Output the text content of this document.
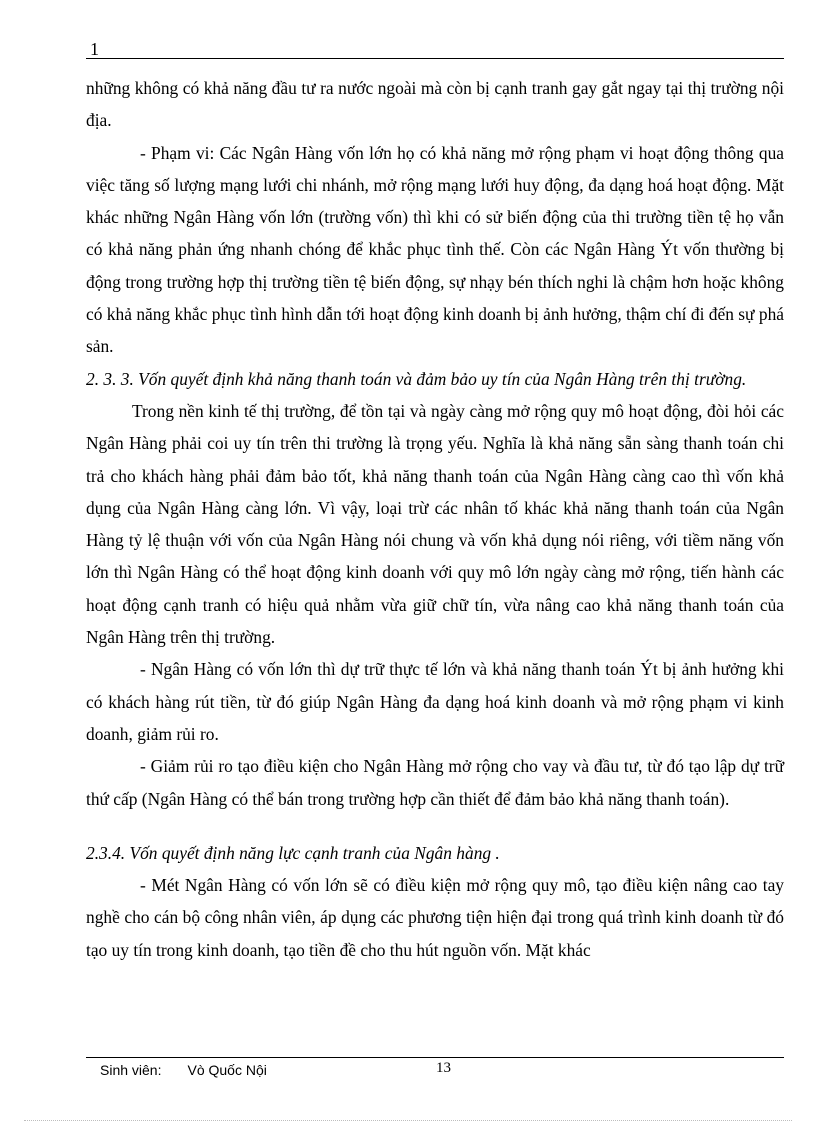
1

những không có khả năng đầu tư ra nước ngoài mà còn bị cạnh tranh gay gắt ngay tại thị trường nội địa.

- Phạm vi: Các Ngân Hàng vốn lớn họ có khả năng mở rộng phạm vi hoạt động thông qua việc tăng số lượng mạng lưới chi nhánh, mở rộng mạng lưới huy động, đa dạng hoá hoạt động. Mặt khác những Ngân Hàng vốn lớn (trường vốn) thì khi có sử biến động của thi trường tiền tệ họ vẫn có khả năng phản ứng nhanh chóng để khắc phục tình thế. Còn các Ngân Hàng Ýt vốn thường bị động trong trường hợp thị trường tiền tệ biến động, sự nhạy bén thích nghi là chậm hơn hoặc không có khả năng khắc phục tình hình dẫn tới hoạt động kinh doanh bị ảnh hưởng, thậm chí đi đến sự phá sản.

2. 3. 3. Vốn quyết định khả năng thanh toán và đảm bảo uy tín của Ngân Hàng trên thị trường.

Trong nền kinh tế thị trường, để tồn tại và ngày càng mở rộng quy mô hoạt động, đòi hỏi các Ngân Hàng phải coi uy tín trên thi trường là trọng yếu. Nghĩa là khả năng sẵn sàng thanh toán chi trả cho khách hàng phải đảm bảo tốt, khả năng thanh toán của Ngân Hàng càng cao thì vốn khả dụng của Ngân Hàng càng lớn. Vì vậy, loại trừ các nhân tố khác khả năng thanh toán của Ngân Hàng tỷ lệ thuận với vốn của Ngân Hàng nói chung và vốn khả dụng nói riêng, với tiềm năng vốn lớn thì Ngân Hàng có thể hoạt động kinh doanh với quy mô lớn ngày càng mở rộng, tiến hành các hoạt động cạnh tranh có hiệu quả nhằm vừa giữ chữ tín, vừa nâng cao khả năng thanh toán của Ngân Hàng trên thị trường.

- Ngân Hàng có vốn lớn thì dự trữ thực tế lớn và khả năng thanh toán Ýt bị ảnh hưởng khi có khách hàng rút tiền, từ đó giúp Ngân Hàng đa dạng hoá kinh doanh và mở rộng phạm vi kinh doanh, giảm rủi ro.

- Giảm rủi ro tạo điều kiện cho Ngân Hàng mở rộng cho vay và đầu tư, từ đó tạo lập dự trữ thứ cấp (Ngân Hàng có thể bán trong trường hợp cần thiết để đảm bảo khả năng thanh toán).

2.3.4. Vốn quyết định năng lực cạnh tranh của Ngân hàng .

- Mét Ngân Hàng có vốn lớn sẽ có điều kiện mở rộng quy mô, tạo điều kiện nâng cao tay nghề cho cán bộ công nhân viên, áp dụng các phương tiện hiện đại trong quá trình kinh doanh từ đó tạo uy tín trong kinh doanh, tạo tiền đề cho thu hút nguồn vốn. Mặt khác

Sinh viên: Vò Quốc Nội	13
